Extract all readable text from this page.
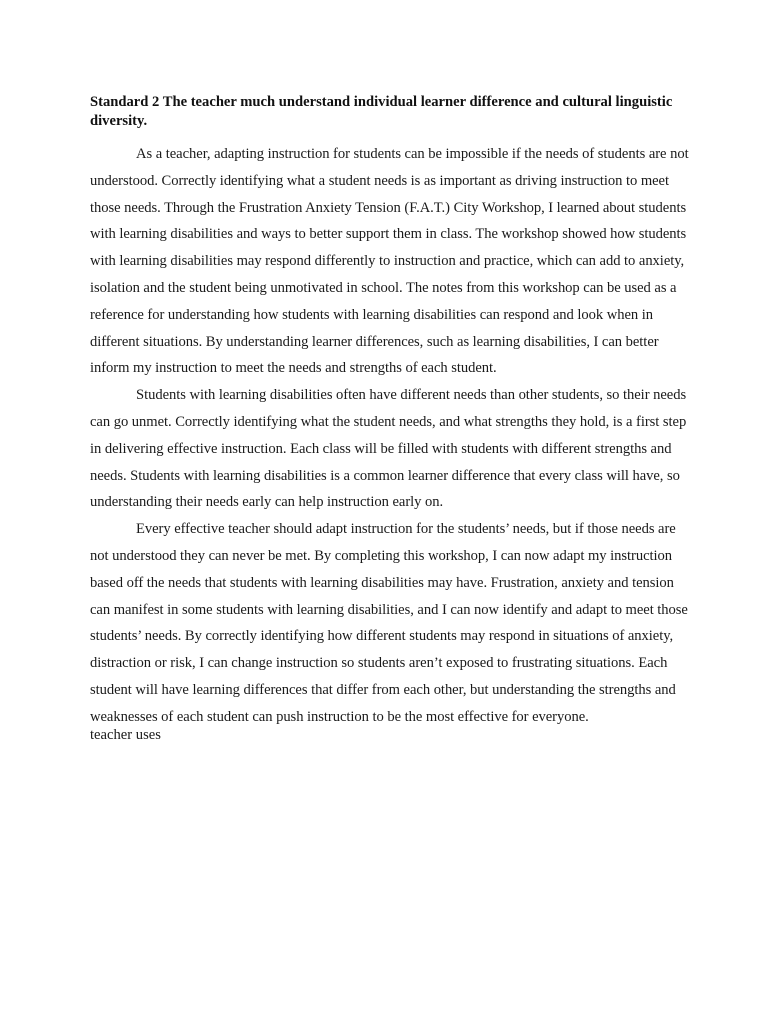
Standard 2 The teacher much understand individual learner difference and cultural linguistic diversity.

As a teacher, adapting instruction for students can be impossible if the needs of students are not understood. Correctly identifying what a student needs is as important as driving instruction to meet those needs. Through the Frustration Anxiety Tension (F.A.T.) City Workshop, I learned about students with learning disabilities and ways to better support them in class. The workshop showed how students with learning disabilities may respond differently to instruction and practice, which can add to anxiety, isolation and the student being unmotivated in school. The notes from this workshop can be used as a reference for understanding how students with learning disabilities can respond and look when in different situations. By understanding learner differences, such as learning disabilities, I can better inform my instruction to meet the needs and strengths of each student.

Students with learning disabilities often have different needs than other students, so their needs can go unmet. Correctly identifying what the student needs, and what strengths they hold, is a first step in delivering effective instruction. Each class will be filled with students with different strengths and needs. Students with learning disabilities is a common learner difference that every class will have, so understanding their needs early can help instruction early on.

Every effective teacher should adapt instruction for the students’ needs, but if those needs are not understood they can never be met. By completing this workshop, I can now adapt my instruction based off the needs that students with learning disabilities may have. Frustration, anxiety and tension can manifest in some students with learning disabilities, and I can now identify and adapt to meet those students’ needs. By correctly identifying how different students may respond in situations of anxiety, distraction or risk, I can change instruction so students aren’t exposed to frustrating situations. Each student will have learning differences that differ from each other, but understanding the strengths and weaknesses of each student can push instruction to be the most effective for everyone.

teacher uses
